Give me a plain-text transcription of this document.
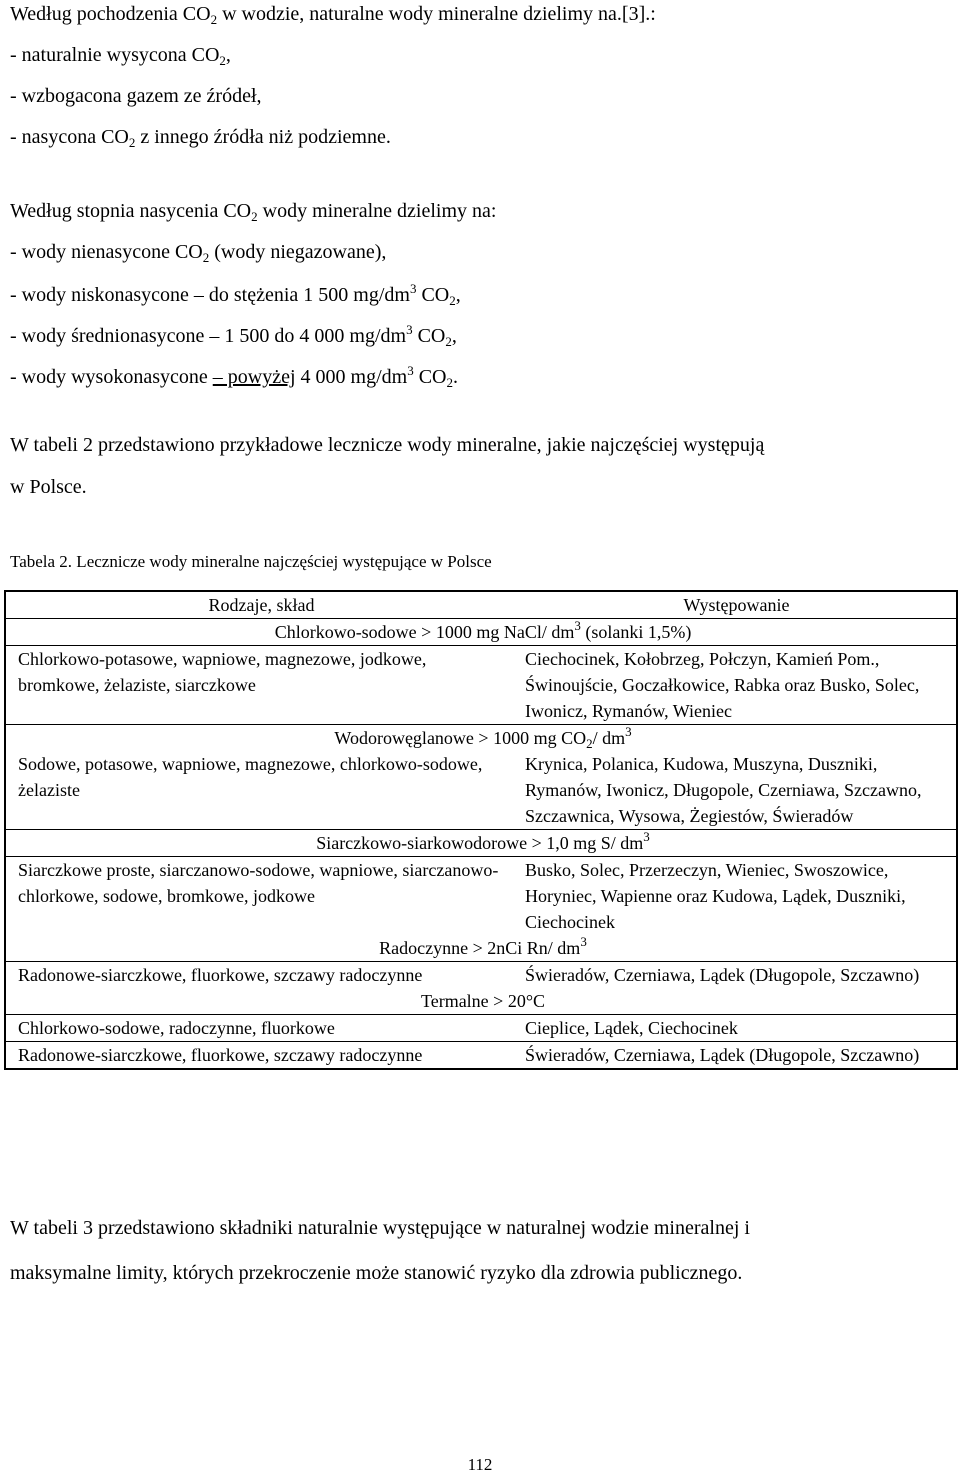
Według pochodzenia $CO_2$ w wodzie, naturalne wody mineralne dzielimy na.[3].:
- naturalnie wysycona $CO_2$,
- wzbogacona gazem ze źródeł,
- nasycona $CO_2$ z innego źródła niż podziemne.
Według stopnia nasycenia $CO_2$ wody mineralne dzielimy na:
- wody nienasycone $CO_2$ (wody niegazowane),
- wody niskonasycone – do stężenia 1 500 $mg/dm^3$ $CO_2$,
- wody średnionasycone – 1 500 do 4 000 $mg/dm^3$ $CO_2$,
- wody wysokonasycone – powyżej 4 000 $mg/dm^3$ $CO_2$.
W tabeli 2 przedstawiono przykładowe lecznicze wody mineralne, jakie najczęściej występują
w Polsce.
Tabela 2. Lecznicze wody mineralne najczęściej występujące w Polsce
Rodzaje, skład	Występowanie
Chlorkowo-sodowe > 1000 mg NaCl/ $dm^3$ (solanki 1,5%)	
Chlorkowo-potasowe, wapniowe, magnezowe, jodkowe, bromkowe, żelaziste, siarczkowe	Ciechocinek, Kołobrzeg, Połczyn, Kamień Pom., Świnoujście, Goczałkowice, Rabka oraz Busko, Solec, Iwonicz, Rymanów, Wieniec
Wodorowęglanowe > 1000 mg $CO_2/$ $dm^3$
Sodowe, potasowe, wapniowe, magnezowe, chlorkowo-sodowe, żelaziste	Krynica, Polanica, Kudowa, Muszyna, Duszniki, Rymanów, Iwonicz, Długopole, Czerniawa, Szczawno, Szczawnica, Wysowa, Żegiestów, Świeradów
Siarczkowo-siarkowodorowe > 1,0 mg S/ $dm^3$
Siarczkowe proste, siarczanowo-sodowe, wapniowe, siarczanowo-chlorkowe, sodowe, bromkowe, jodkowe	Busko, Solec, Przerzeczyn, Wieniec, Swoszowice, Horyniec, Wapienne oraz Kudowa, Lądek, Duszniki, Ciechocinek
Radoczynne > 2nCi Rn/ $dm^3$
Radonowe-siarczkowe, fluorkowe, szczawy radoczynne	Świeradów, Czerniawa, Lądek (Długopole, Szczawno)
Termalne > 20°C	
Chlorkowo-sodowe, radoczynne, fluorkowe	Cieplice, Lądek, Ciechocinek
Radonowe-siarczkowe, fluorkowe, szczawy radoczynne	Świeradów, Czerniawa, Lądek (Długopole, Szczawno)
W tabeli 3 przedstawiono składniki naturalnie występujące w naturalnej wodzie mineralnej i
maksymalne limity, których przekroczenie może stanowić ryzyko dla zdrowia publicznego.
112
